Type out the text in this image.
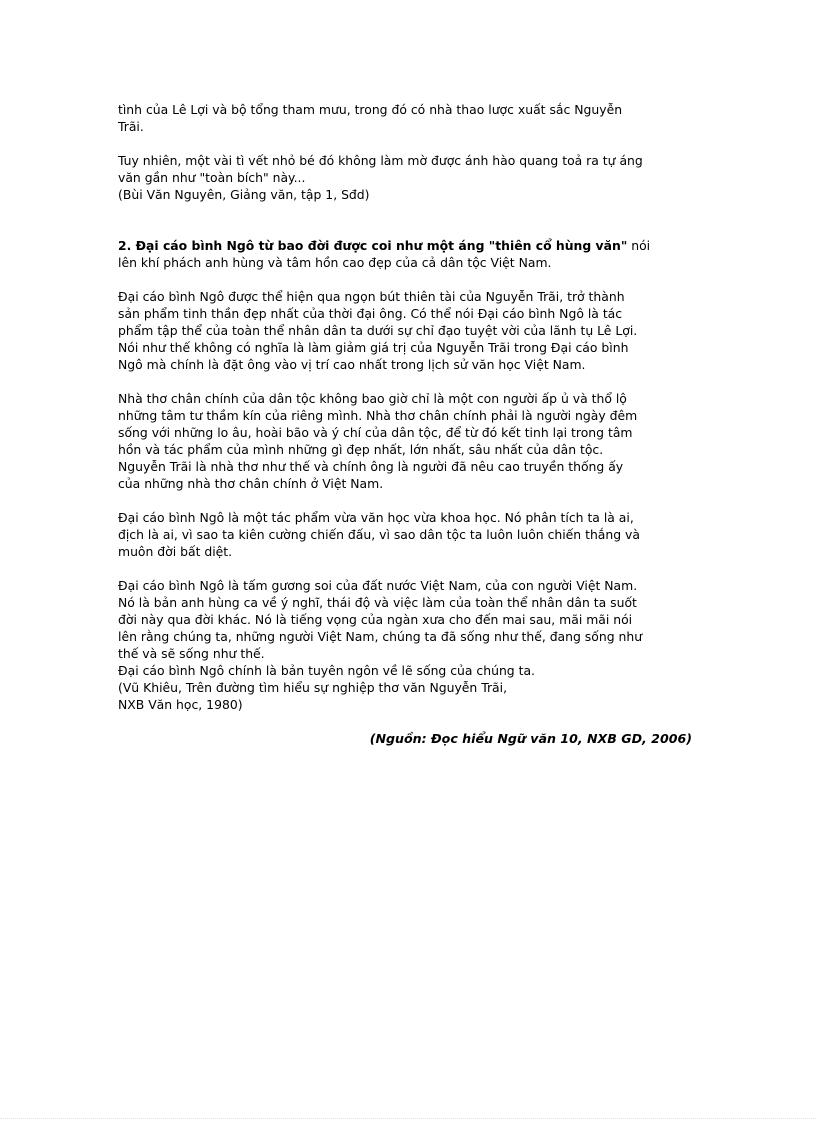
tình của Lê Lợi và bộ tổng tham mưu, trong đó có nhà thao lược xuất sắc Nguyễn
Trãi.
Tuy nhiên, một vài tì vết nhỏ bé đó không làm mờ được ánh hào quang toả ra tự áng
văn gần như "toàn bích" này...
(Bùi Văn Nguyên, Giảng văn, tập 1, Sđd)
2. Đại cáo bình Ngô từ bao đời được coi như một áng "thiên cổ hùng văn" nói
lên khí phách anh hùng và tâm hồn cao đẹp của cả dân tộc Việt Nam.
Đại cáo bình Ngô được thể hiện qua ngọn bút thiên tài của Nguyễn Trãi, trở thành
sản phẩm tinh thần đẹp nhất của thời đại ông. Có thể nói Đại cáo bình Ngô là tác
phẩm tập thể của toàn thể nhân dân ta dưới sự chỉ đạo tuyệt vời của lãnh tụ Lê Lợi.
Nói như thế không có nghĩa là làm giảm giá trị của Nguyễn Trãi trong Đại cáo bình
Ngô mà chính là đặt ông vào vị trí cao nhất trong lịch sử văn học Việt Nam.
Nhà thơ chân chính của dân tộc không bao giờ chỉ là một con người ấp ủ và thổ lộ
những tâm tư thầm kín của riêng mình. Nhà thơ chân chính phải là người ngày đêm
sống với những lo âu, hoài bão và ý chí của dân tộc, để từ đó kết tinh lại trong tâm
hồn và tác phẩm của mình những gì đẹp nhất, lớn nhất, sâu nhất của dân tộc.
Nguyễn Trãi là nhà thơ như thế và chính ông là người đã nêu cao truyền thống ấy
của những nhà thơ chân chính ở Việt Nam.
Đại cáo bình Ngô là một tác phẩm vừa văn học vừa khoa học. Nó phân tích ta là ai,
địch là ai, vì sao ta kiên cường chiến đấu, vì sao dân tộc ta luôn luôn chiến thắng và
muôn đời bất diệt.
Đại cáo bình Ngô là tấm gương soi của đất nước Việt Nam, của con người Việt Nam.
Nó là bản anh hùng ca về ý nghĩ, thái độ và việc làm của toàn thể nhân dân ta suốt
đời này qua đời khác. Nó là tiếng vọng của ngàn xưa cho đến mai sau, mãi mãi nói
lên rằng chúng ta, những người Việt Nam, chúng ta đã sống như thế, đang sống như
thế và sẽ sống như thế.
Đại cáo bình Ngô chính là bản tuyên ngôn về lẽ sống của chúng ta.
(Vũ Khiêu, Trên đường tìm hiểu sự nghiệp thơ văn Nguyễn Trãi,
NXB Văn học, 1980)
(Nguồn: Đọc hiểu Ngữ văn 10, NXB GD, 2006)
